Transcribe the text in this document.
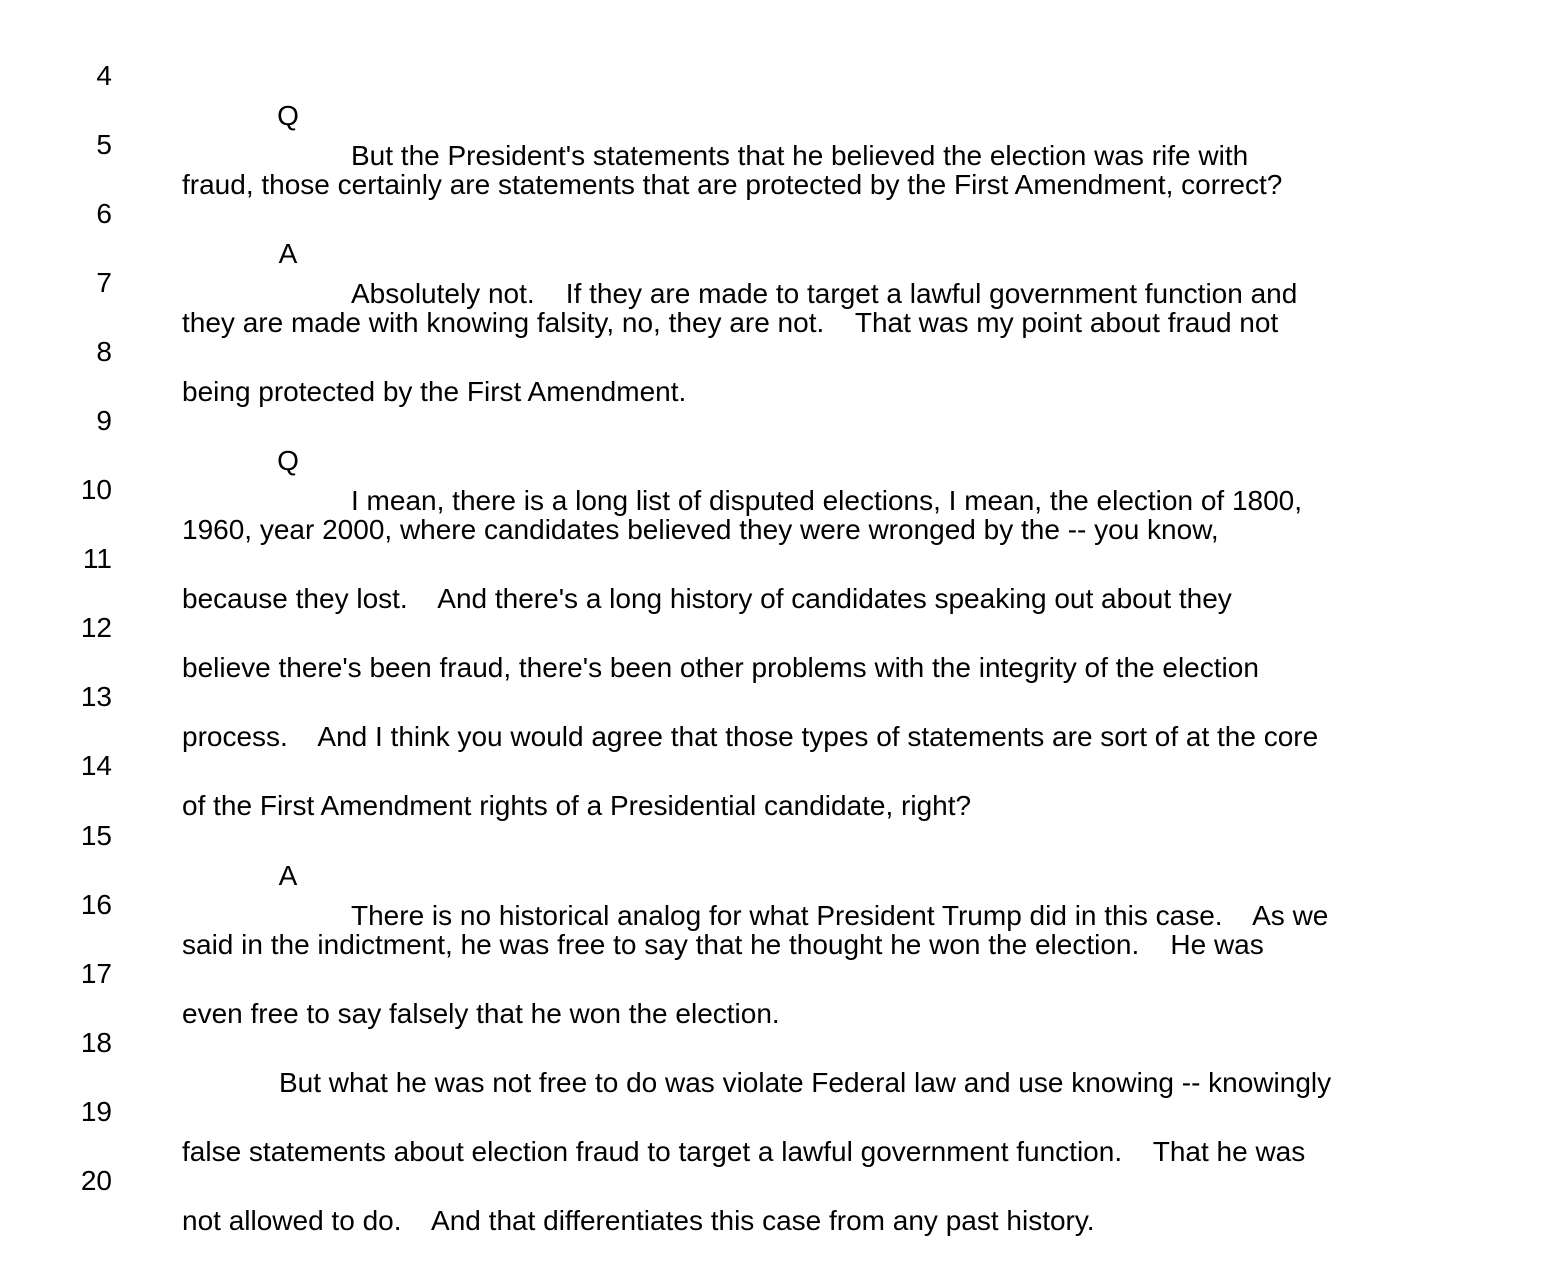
4

Q

But the President's statements that he believed the election was rife with

5

fraud, those certainly are statements that are protected by the First Amendment, correct?

6

A

Absolutely not.    If they are made to target a lawful government function and

7

they are made with knowing falsity, no, they are not.    That was my point about fraud not

8

being protected by the First Amendment.

9

Q

I mean, there is a long list of disputed elections, I mean, the election of 1800,

10

1960, year 2000, where candidates believed they were wronged by the -- you know,

11

because they lost.    And there's a long history of candidates speaking out about they

12

believe there's been fraud, there's been other problems with the integrity of the election

13

process.    And I think you would agree that those types of statements are sort of at the core

14

of the First Amendment rights of a Presidential candidate, right?

15

A

There is no historical analog for what President Trump did in this case.    As we

16

said in the indictment, he was free to say that he thought he won the election.    He was

17

even free to say falsely that he won the election.

18

But what he was not free to do was violate Federal law and use knowing -- knowingly

19

false statements about election fraud to target a lawful government function.    That he was

20

not allowed to do.    And that differentiates this case from any past history.
